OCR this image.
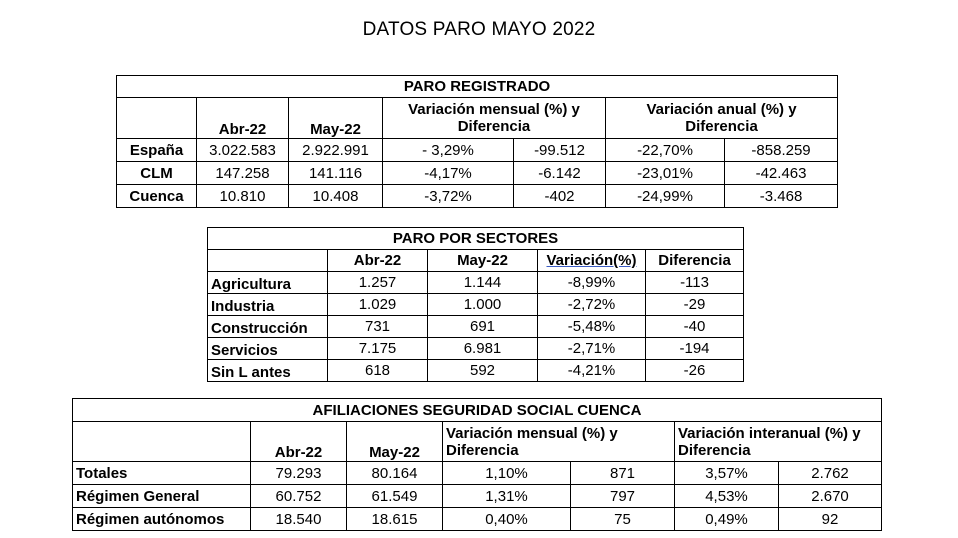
DATOS PARO MAYO 2022
PARO REGISTRADO						
	Abr-22	May-22	Variación mensual (%) y Diferencia		Variación anual (%) y Diferencia	
España	3.022.583	2.922.991	- 3,29%	-99.512	-22,70%	-858.259
CLM	147.258	141.116	-4,17%	-6.142	-23,01%	-42.463
Cuenca	10.810	10.408	-3,72%	-402	-24,99%	-3.468
PARO POR SECTORES				
	Abr-22	May-22	Variación(%)	Diferencia
Agricultura	1.257	1.144	-8,99%	-113
Industria	1.029	1.000	-2,72%	-29
Construcción	731	691	-5,48%	-40
Servicios	7.175	6.981	-2,71%	-194
Sin L antes	618	592	-4,21%	-26
AFILIACIONES SEGURIDAD SOCIAL CUENCA						
	Abr-22	May-22	Variación mensual (%) y Diferencia		Variación interanual (%) y Diferencia	
Totales	79.293	80.164	1,10%	871	3,57%	2.762
Régimen General	60.752	61.549	1,31%	797	4,53%	2.670
Régimen autónomos	18.540	18.615	0,40%	75	0,49%	92
